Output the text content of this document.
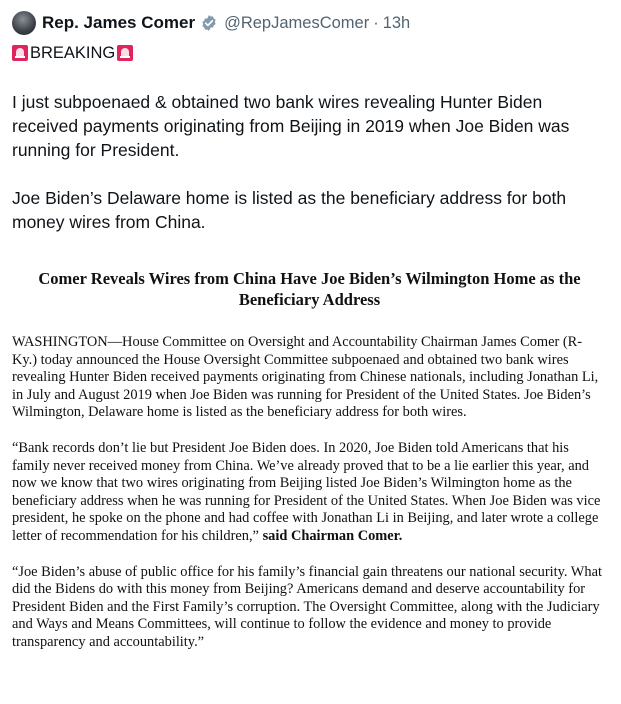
Rep. James Comer @RepJamesComer · 13h
BREAKING

I just subpoenaed & obtained two bank wires revealing Hunter Biden received payments originating from Beijing in 2019 when Joe Biden was running for President.

Joe Biden’s Delaware home is listed as the beneficiary address for both money wires from China.

Comer Reveals Wires from China Have Joe Biden’s Wilmington Home as the Beneficiary Address

WASHINGTON—House Committee on Oversight and Accountability Chairman James Comer (R-Ky.) today announced the House Oversight Committee subpoenaed and obtained two bank wires revealing Hunter Biden received payments originating from Chinese nationals, including Jonathan Li, in July and August 2019 when Joe Biden was running for President of the United States. Joe Biden’s Wilmington, Delaware home is listed as the beneficiary address for both wires.

“Bank records don’t lie but President Joe Biden does. In 2020, Joe Biden told Americans that his family never received money from China. We’ve already proved that to be a lie earlier this year, and now we know that two wires originating from Beijing listed Joe Biden’s Wilmington home as the beneficiary address when he was running for President of the United States. When Joe Biden was vice president, he spoke on the phone and had coffee with Jonathan Li in Beijing, and later wrote a college letter of recommendation for his children,” said Chairman Comer.

“Joe Biden’s abuse of public office for his family’s financial gain threatens our national security. What did the Bidens do with this money from Beijing? Americans demand and deserve accountability for President Biden and the First Family’s corruption. The Oversight Committee, along with the Judiciary and Ways and Means Committees, will continue to follow the evidence and money to provide transparency and accountability.”
